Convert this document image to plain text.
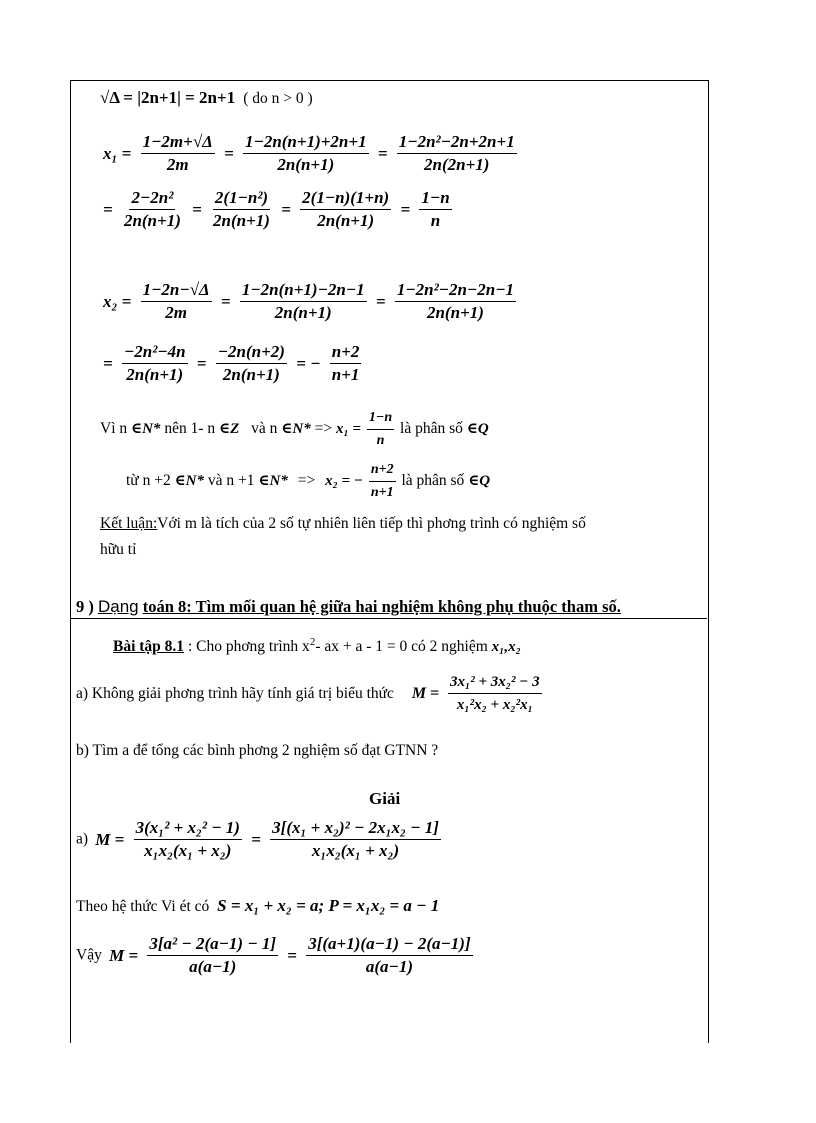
√Δ = |2n+1| = 2n+1 ( do n > 0 )
$x_1 = \frac{1-2m+√\Delta}{2m} = \frac{1-2n(n+1)+2n+1}{2n(n+1)} = \frac{\text{1−2n²−2n+2n+1}}{2n(2n+1)}$
= $\frac{\text{2−2n²}}{2n(n+1)} = \frac{\text{2(1−n²)}}{2n(n+1)} = \frac{2(1-n)(1+n)}{2n(n+1)} = \frac{1-n}{n}$
$x_2 = \frac{1-2n-√\Delta}{2m} = \frac{1-2n(n+1)-2n-1}{2n(n+1)} = \frac{\text{1−2n²−2n−2n−1}}{2n(n+1)}$
= $\frac{\text{−2n²−4n}}{2n(n+1)} = \frac{-2n(n+2)}{2n(n+1)}$ = − $\frac{n+2}{n+1}$
Vì n ∈N* nên 1- n ∈Z và n ∈N* => $x_1 = \frac{1-n}{n}$ là phân số ∈Q
từ n +2 ∈N* và n +1 ∈N* => x₂ = − $\frac{n+2}{n+1}$ là phân số ∈Q
Kết luận:Với m là tích của 2 số tự nhiên liên tiếp thì phơng trình có nghiệm số
hữu tỉ
9 ) Dạng toán 8: Tìm mối quan hệ giữa hai nghiệm không phụ thuộc tham số.
Bài tập 8.1 : Cho phơng trình $x^2-$ ax + a - 1 = 0 có 2 nghiệm x₁,x₂
a) Không giải phơng trình hãy tính giá trị biểu thức $M = \frac{\text{3x₁² + 3x₂² − 3}}{\text{x₁²x₂ + x₂²x₁}}$
b) Tìm a để tổng các bình phơng 2 nghiệm số đạt GTNN ?
Giải
a) $M = \frac{\text{3(x₁² + x₂² − 1)}}{\text{x₁x₂(x₁ + x₂)}} = \frac{\text{3[(x₁ + x₂)² − 2x₁x₂ − 1]}}{\text{x₁x₂(x₁ + x₂)}}$
Theo hệ thức Vi ét có S = x₁ + x₂ = a; P = x₁x₂ = a − 1
Vậy $M = \frac{\text{3[a² − 2(a−1) − 1]}}{a(a-1)} = \frac{3[(a+1)(a-1) - 2(a-1)]}{a(a-1)}$
